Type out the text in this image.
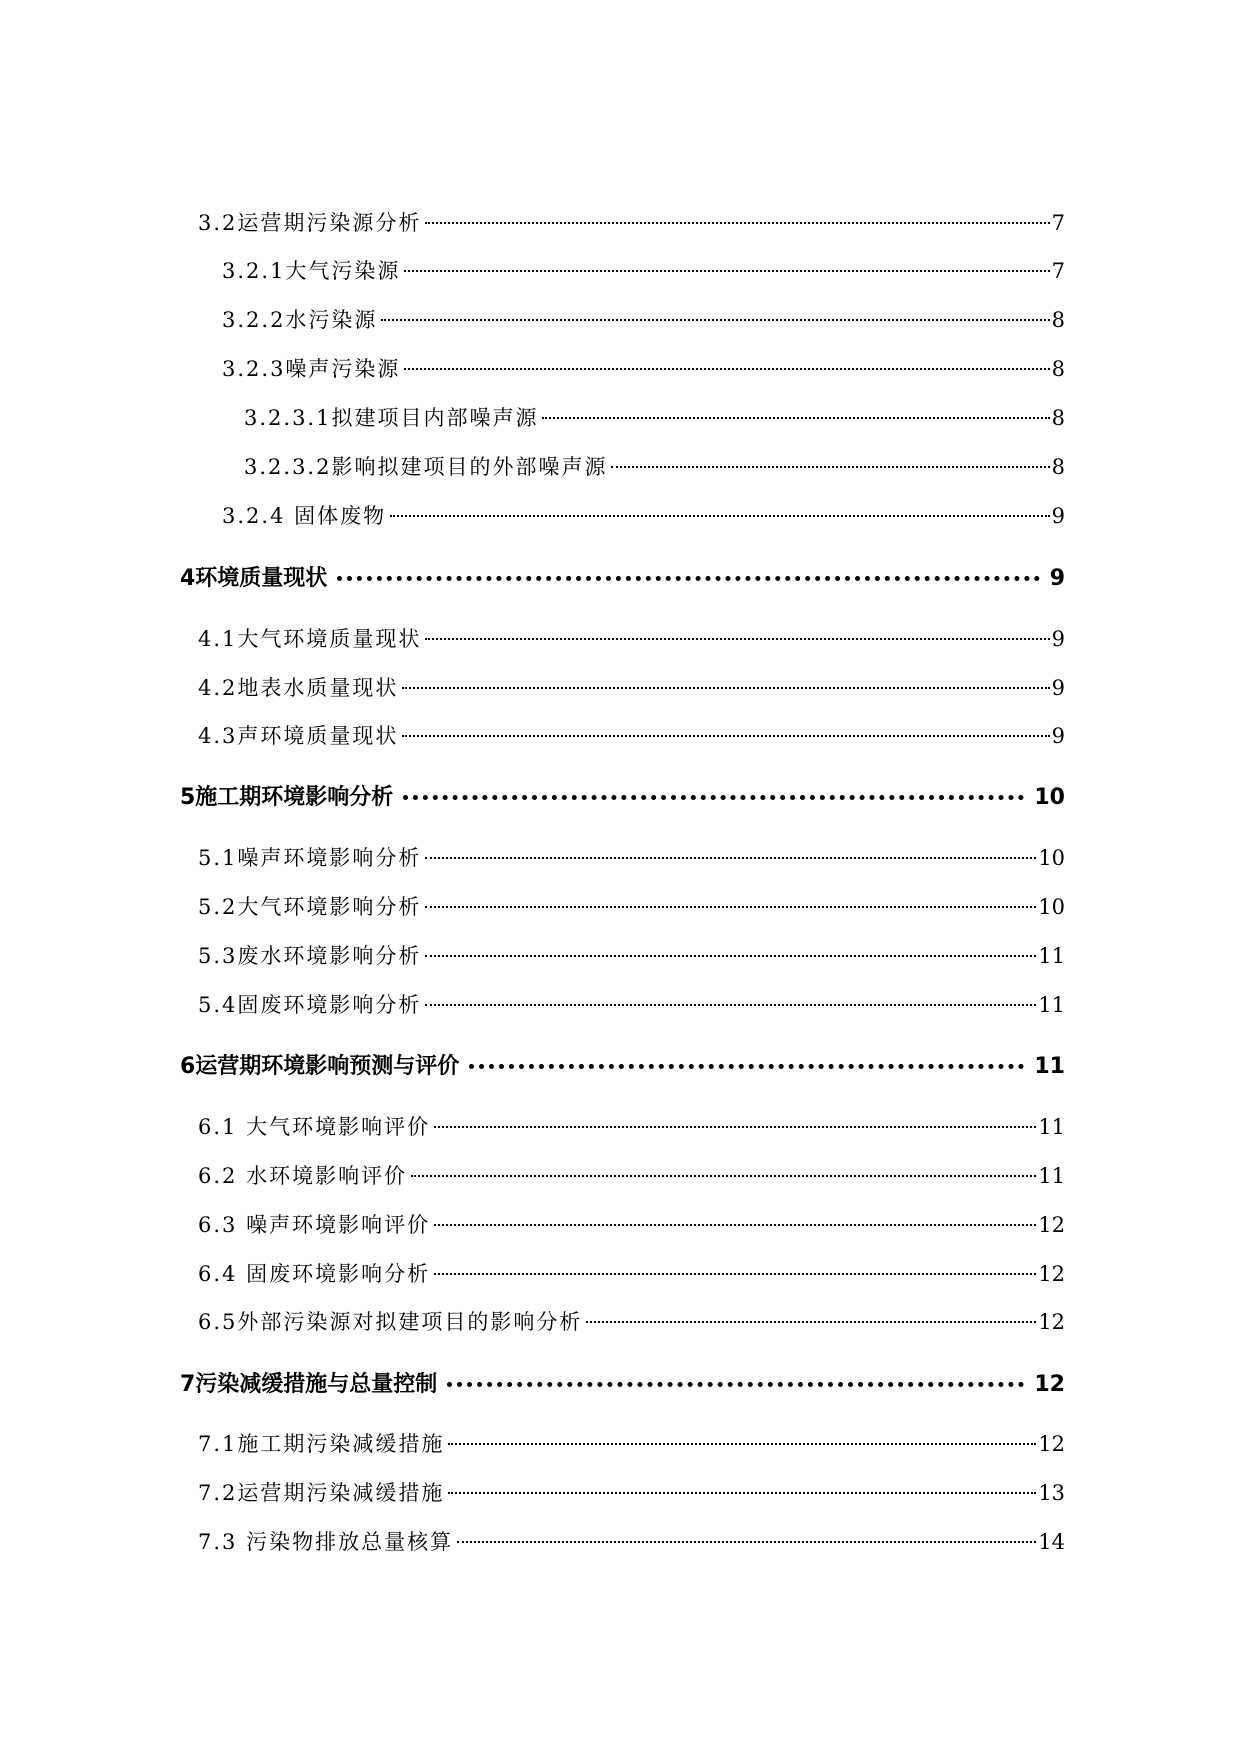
3.2运营期污染源分析	7
3.2.1大气污染源	7
3.2.2水污染源	8
3.2.3噪声污染源	8
3.2.3.1拟建项目内部噪声源	8
3.2.3.2影响拟建项目的外部噪声源	8
3.2.4 固体废物	9
4环境质量现状	9
4.1大气环境质量现状	9
4.2地表水质量现状	9
4.3声环境质量现状	9
5施工期环境影响分析	10
5.1噪声环境影响分析	10
5.2大气环境影响分析	10
5.3废水环境影响分析	11
5.4固废环境影响分析	11
6运营期环境影响预测与评价	11
6.1 大气环境影响评价	11
6.2 水环境影响评价	11
6.3 噪声环境影响评价	12
6.4 固废环境影响分析	12
6.5外部污染源对拟建项目的影响分析	12
7污染减缓措施与总量控制	12
7.1施工期污染减缓措施	12
7.2运营期污染减缓措施	13
7.3 污染物排放总量核算	14
